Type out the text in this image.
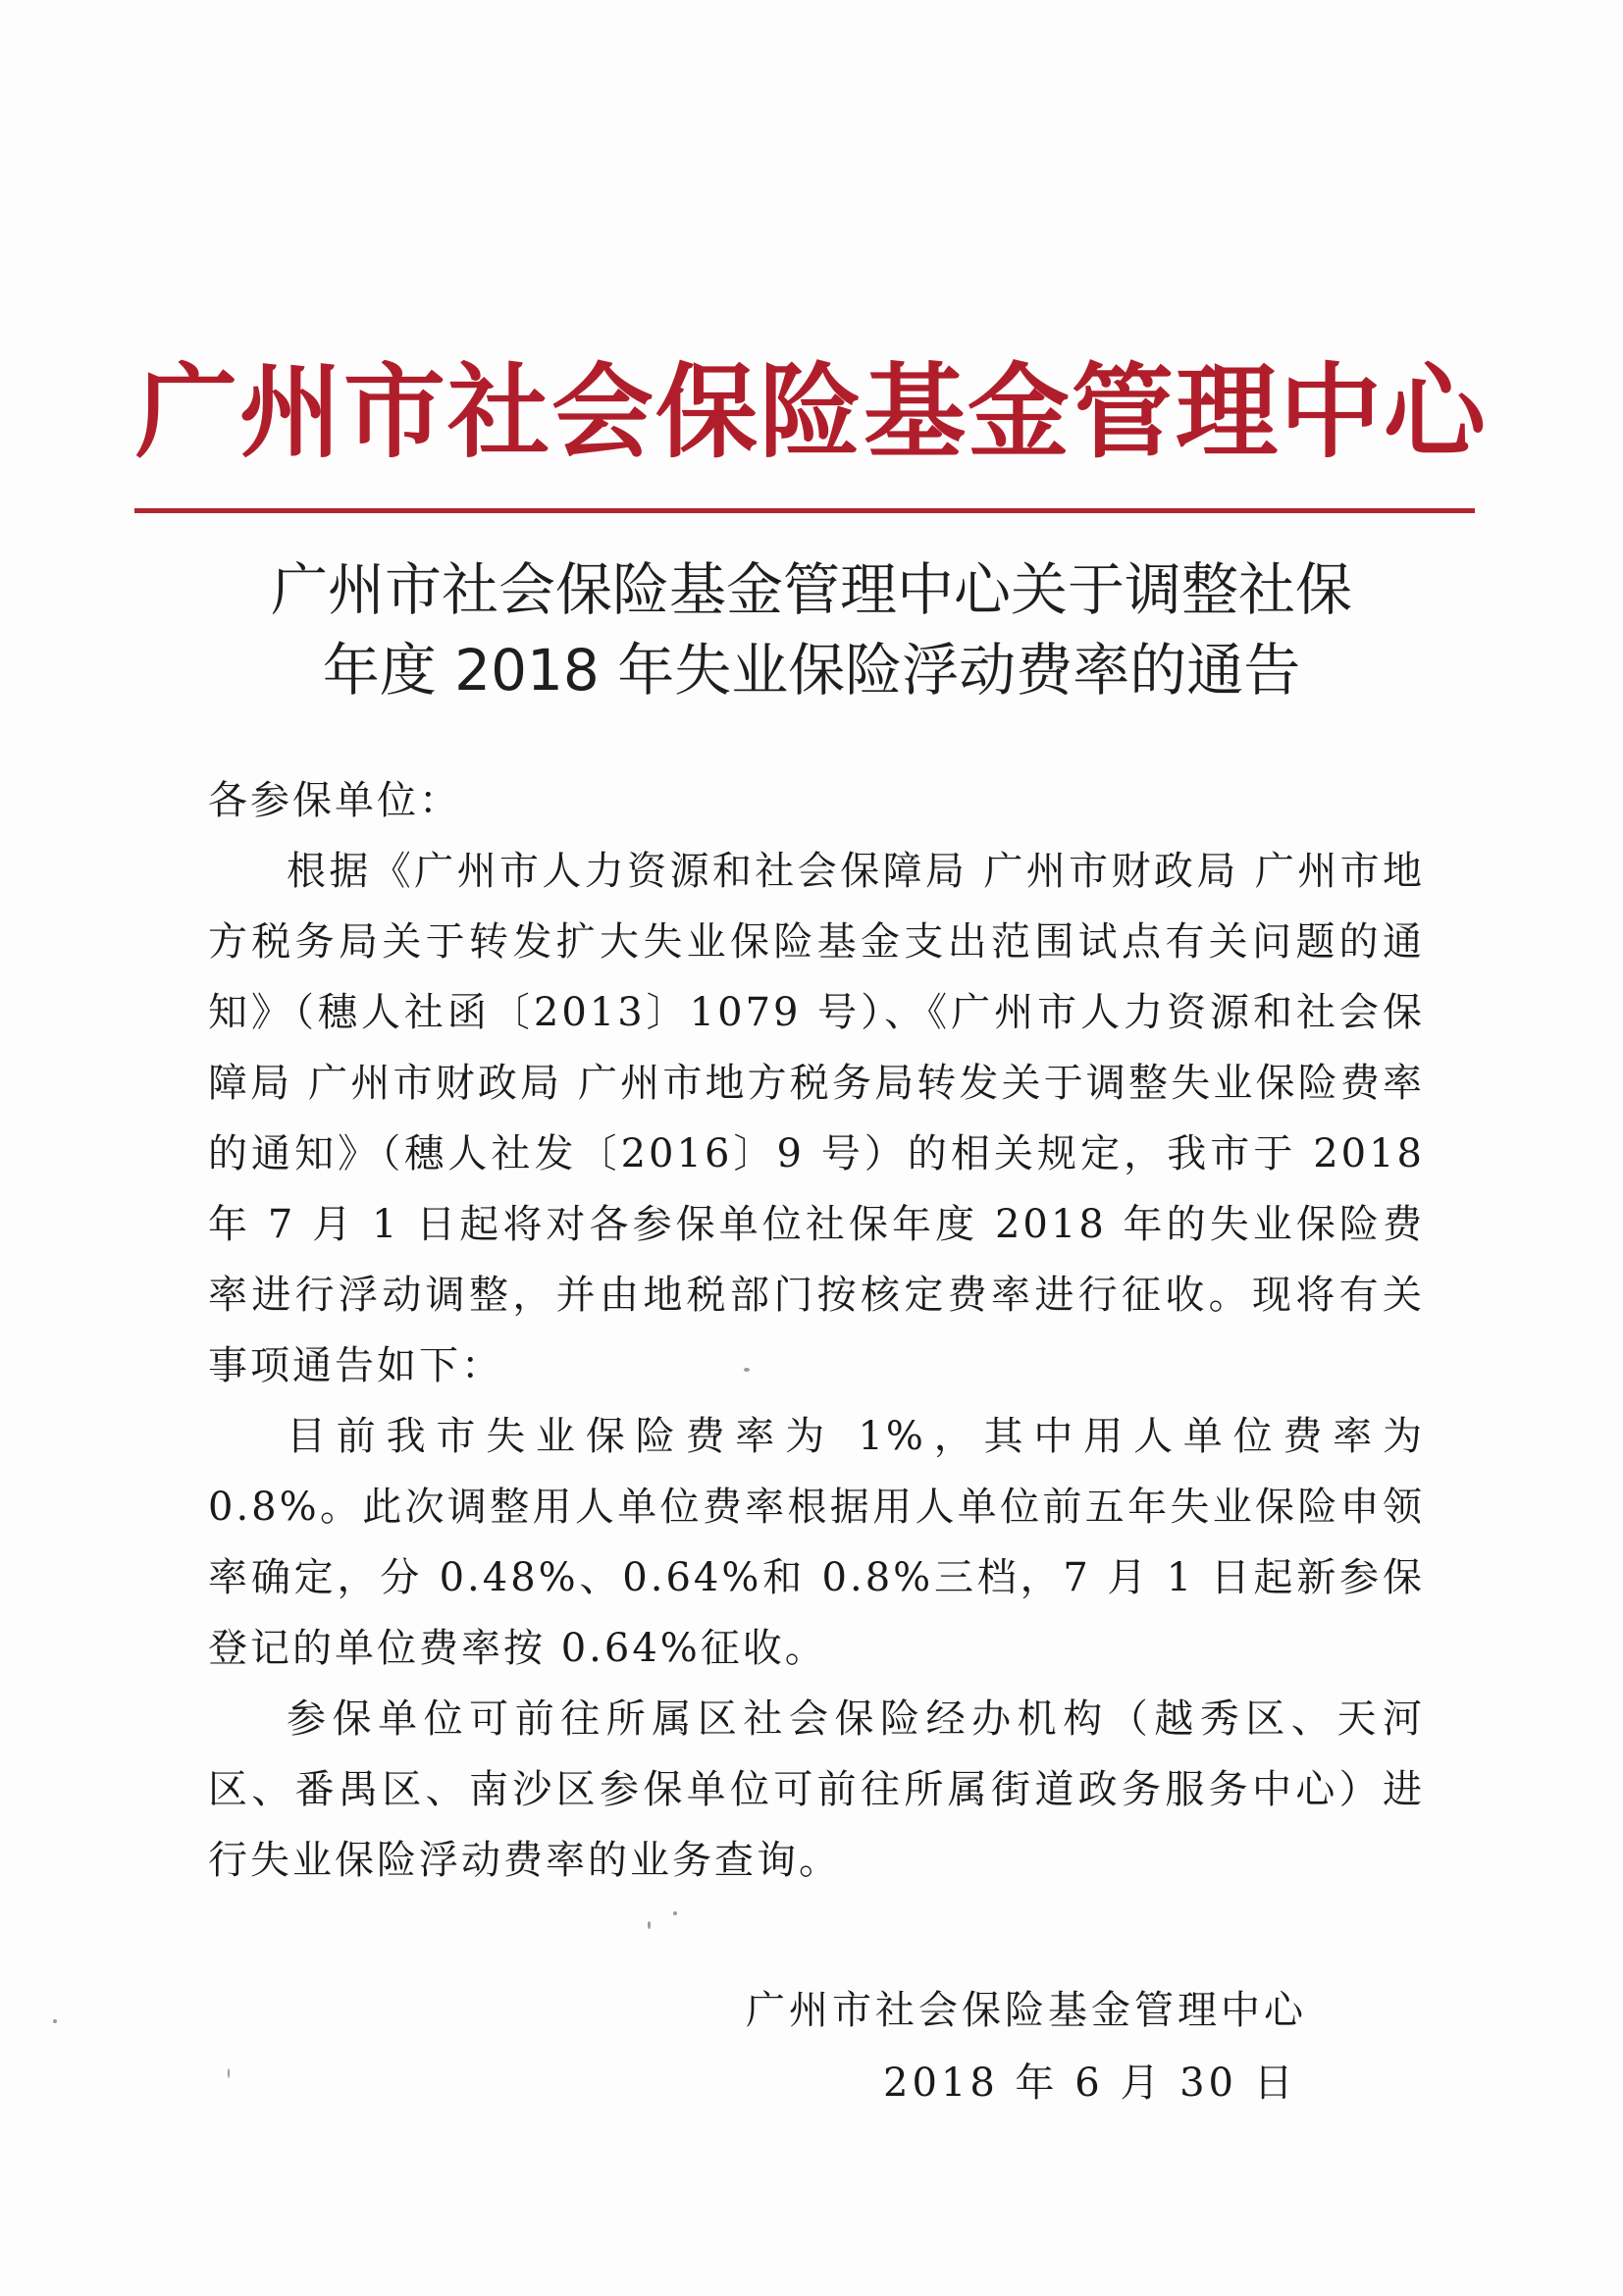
广州市社会保险基金管理中心
广州市社会保险基金管理中心关于调整社保
年度 2018 年失业保险浮动费率的通告

各参保单位：

根据《广州市人力资源和社会保障局 广州市财政局 广州市地方税务局关于转发扩大失业保险基金支出范围试点有关问题的通知》（穗人社函〔2013〕1079 号）、《广州市人力资源和社会保障局 广州市财政局 广州市地方税务局转发关于调整失业保险费率的通知》（穗人社发〔2016〕9 号）的相关规定，我市于 2018 年 7 月 1 日起将对各参保单位社保年度 2018 年的失业保险费率进行浮动调整，并由地税部门按核定费率进行征收。现将有关事项通告如下：

目前我市失业保险费率为 1%，其中用人单位费率为 0.8%。此次调整用人单位费率根据用人单位前五年失业保险申领率确定，分 0.48%、0.64%和 0.8%三档，7 月 1 日起新参保登记的单位费率按 0.64%征收。

参保单位可前往所属区社会保险经办机构（越秀区、天河区、番禺区、南沙区参保单位可前往所属街道政务服务中心）进行失业保险浮动费率的业务查询。

广州市社会保险基金管理中心
2018 年 6 月 30 日
